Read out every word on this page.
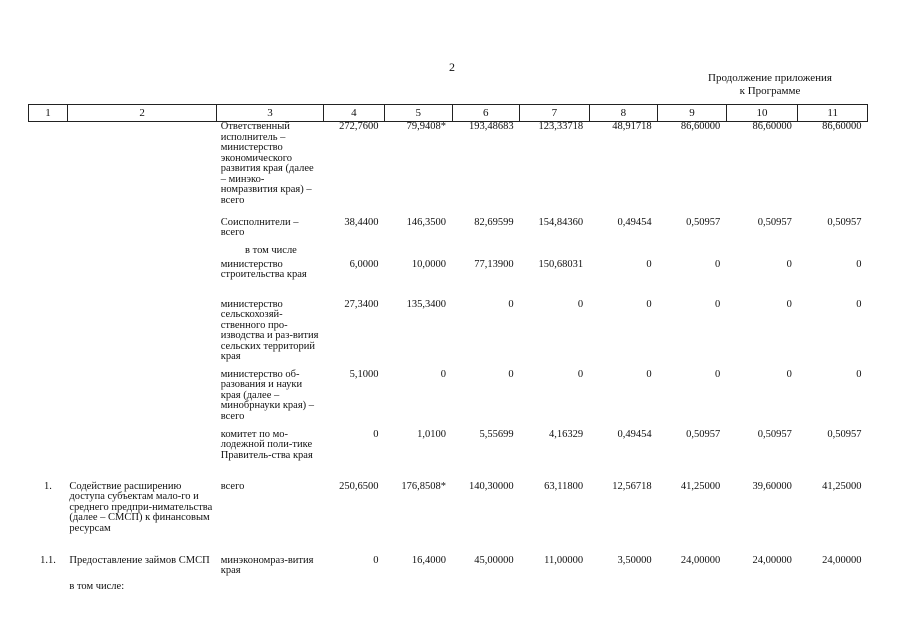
2
Продолжение приложения
к Программе
1	2	3	4	5	6	7	8	9	10	11
		Ответственный исполнитель – министерство экономического развития края (далее – минэко-номразвития края) – всего	272,7600	79,9408*	193,48683	123,33718	48,91718	86,60000	86,60000	86,60000
		Соисполнители – всего	38,4400	146,3500	82,69599	154,84360	0,49454	0,50957	0,50957	0,50957
		в том числе								
		министерство строительства края	6,0000	10,0000	77,13900	150,68031	0	0	0	0
		министерство сельскохозяй-ственного про-изводства и раз-вития сельских территорий края	27,3400	135,3400	0	0	0	0	0	0
		министерство об-разования и науки края (далее – минобрнауки края) – всего	5,1000	0	0	0	0	0	0	0
		комитет по мо-лодежной поли-тике Правитель-ства края	0	1,0100	5,55699	4,16329	0,49454	0,50957	0,50957	0,50957
1.	Содействие расширению доступа субъектам мало-го и среднего предпри-нимательства (далее – СМСП) к финансовым ресурсам	всего	250,6500	176,8508*	140,30000	63,11800	12,56718	41,25000	39,60000	41,25000
1.1.	Предоставление займов СМСП	минэкономраз-вития края	0	16,4000	45,00000	11,00000	3,50000	24,00000	24,00000	24,00000
	в том числе:									
